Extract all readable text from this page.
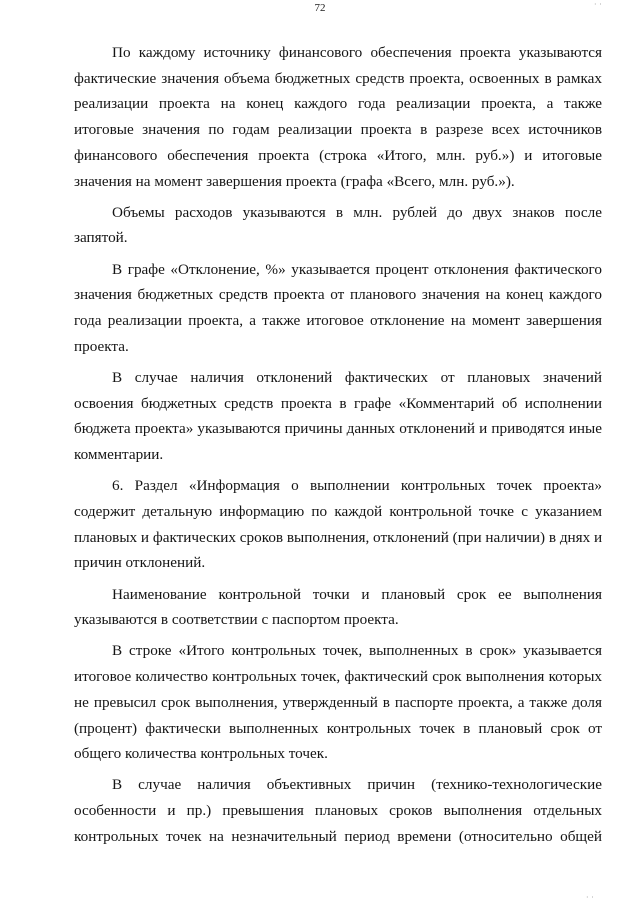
72
По каждому источнику финансового обеспечения проекта указываются
фактические значения объема бюджетных средств проекта, освоенных в рамках
реализации проекта на конец каждого года реализации проекта, а также
итоговые значения по годам реализации проекта в разрезе всех источников
финансового обеспечения проекта (строка «Итого, млн. руб.») и итоговые
значения на момент завершения проекта (графа «Всего, млн. руб.»).
Объемы расходов указываются в млн. рублей до двух знаков после
запятой.
В графе «Отклонение, %» указывается процент отклонения фактического
значения бюджетных средств проекта от планового значения на конец каждого
года реализации проекта, а также итоговое отклонение на момент завершения
проекта.
В случае наличия отклонений фактических от плановых значений
освоения бюджетных средств проекта в графе «Комментарий об исполнении
бюджета проекта» указываются причины данных отклонений и приводятся иные
комментарии.
6. Раздел «Информация о выполнении контрольных точек проекта»
содержит детальную информацию по каждой контрольной точке с указанием
плановых и фактических сроков выполнения, отклонений (при наличии) в днях и
причин отклонений.
Наименование контрольной точки и плановый срок ее выполнения
указываются в соответствии с паспортом проекта.
В строке «Итого контрольных точек, выполненных в срок» указывается
итоговое количество контрольных точек, фактический срок выполнения которых
не превысил срок выполнения, утвержденный в паспорте проекта, а также доля
(процент) фактически выполненных контрольных точек в плановый срок от
общего количества контрольных точек.
В случае наличия объективных причин (технико-технологические
особенности и пр.) превышения плановых сроков выполнения отдельных
контрольных точек на незначительный период времени (относительно общей
· ·
· ·
